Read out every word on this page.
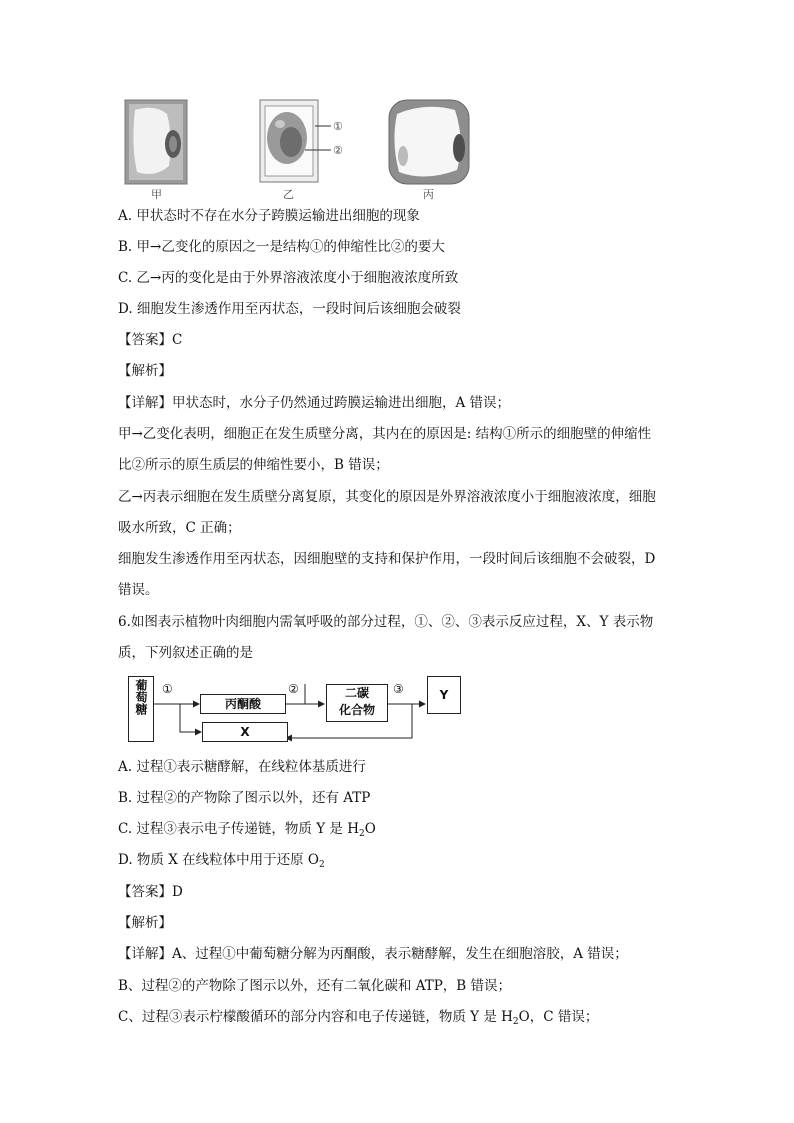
甲	乙	丙
①
②
A. 甲状态时不存在水分子跨膜运输进出细胞的现象
B. 甲→乙变化的原因之一是结构①的伸缩性比②的要大
C. 乙→丙的变化是由于外界溶液浓度小于细胞液浓度所致
D. 细胞发生渗透作用至丙状态，一段时间后该细胞会破裂
【答案】C
【解析】
【详解】甲状态时，水分子仍然通过跨膜运输进出细胞，A 错误；
甲→乙变化表明，细胞正在发生质壁分离，其内在的原因是: 结构①所示的细胞壁的伸缩性
比②所示的原生质层的伸缩性要小，B 错误；
乙→丙表示细胞在发生质壁分离复原，其变化的原因是外界溶液浓度小于细胞液浓度，细胞
吸水所致，C 正确；
细胞发生渗透作用至丙状态，因细胞壁的支持和保护作用，一段时间后该细胞不会破裂，D
错误。
6.如图表示植物叶肉细胞内需氧呼吸的部分过程，①、②、③表示反应过程，X、Y 表示物
质，下列叙述正确的是
葡萄糖	丙酮酸
二碳
化合物
Y
X
①	②	③
A. 过程①表示糖酵解，在线粒体基质进行
B. 过程②的产物除了图示以外，还有 ATP
C. 过程③表示电子传递链，物质 Y 是 $H_2O$
D. 物质 X 在线粒体中用于还原 $O_2$
【答案】D
【解析】
【详解】A、过程①中葡萄糖分解为丙酮酸，表示糖酵解，发生在细胞溶胶，A 错误；
B、过程②的产物除了图示以外，还有二氧化碳和 ATP，B 错误；
C、过程③表示柠檬酸循环的部分内容和电子传递链，物质 Y 是 $H_2O$，C 错误；
